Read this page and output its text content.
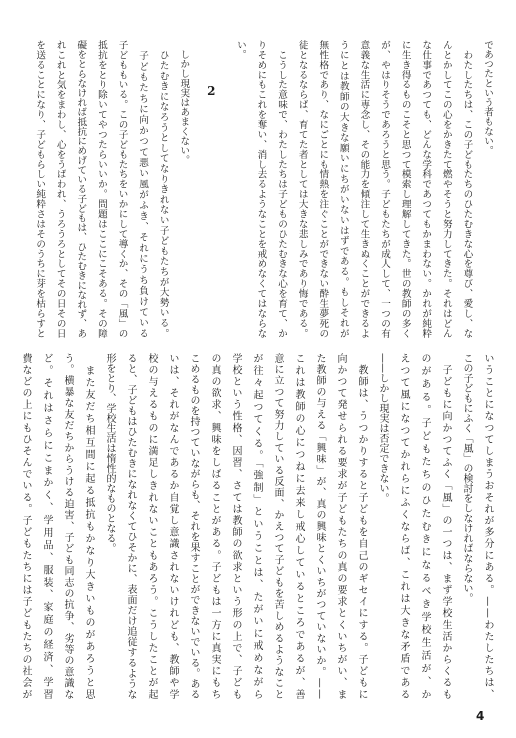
であつたという者もない。
　わたしたちは、この子どもたちのひたむきな心を尊び、愛し、な
んとかしてこの心をかきたて燃やそうと努力してきた。それはどん
な仕事であつても、どんな学科であつてもかまわない。かれが純粋
に生き得るものこそと思つて模索し理解してきた。世の教師の多く
が、やはりそうであろうと思う。子どもたちが成人して、一つの有
意義な生活に専念し、その能力を傾注して生きぬくことができるよ
うにとは教師の大きな願いにちがいないはずである。もしそれが
無性格であり、なにごとにも情熱を注ぐことができない酔生夢死の
徒となるならば、育てた者としては大きな悲しみであり悔である。
　こうした意味で、わたしたちは子どものひたむきな心を育て、か
りそめにもこれを奪い、消し去るようなことを戒めなくてはならな
い。
2
　しかし現実はあまくない。
　ひたむきになろうとしてなりきれない子どもたちが大勢いる。
　子どもたちに向かつて悪い風がふき、それにうち負けている
子どももいる。この子どもたちをいかにして導くか、その「風」の
抵抗をとり除いてやつたらいいか。問題はここにこそある。その障
礙をとらなければ抵抗にめげている子どもは、ひたむきになれず、あ
れこれと気をまわし、心をうばわれ、うろうろとしてその日その日
を送ることになり、子どもらしい純粋さはそのうちに芽を枯らすと
いうことになつてしまうおそれが多分にある。——わたしたちは、
この子どもにふく「風」の検討をしなければならない。
　子どもに向かつてふく「風」の一つは、まず学校生活からくるも
のがある。子どもたちのひたむきになるべき学校生活が、か
えつて風になつてかれらにふくならば、これは大きな矛盾である
——しかし現実は否定できない。
　教師は、うつかりすると子どもを自己のギセイにする。子どもに
向かつて発せられる要求が子どもたちの真の要求とくいちがい、ま
た教師の与える「興味」が、真の興味とくいちがつていないか。——
これは教師の心につねに去来し戒心しているところであるが、善
意に立つて努力している反面、かえつて子どもを苦しめるようなこと
が往々起つてくる。「強制」ということは、たがいに戒めながら
学校という性格、因習、さては教師の欲求という形の上で、子ども
の真の欲求、興味をしばることがある。子どもは一方に真実にもち
こめるものを持つていながらも、それを果すことができないでいる。ある
いは、それがなんであるか自覚し意識されないけれども、教師や学
校の与えるものに満足しきれないこともあろう。こうしたことが起
ると、子どもはひたむきになれなくてひそかに、表面だけ追従するような
形をとり、学校生活は惰性的なものとなる。
　また友だち相互間に起る抵抗もかなり大きいものがあろうと思
う。横暴な友だちからうける迫害、子ども同志の抗争、劣等の意識な
ど。それはさらにこまかく、学用品、服装、家庭の経済、学習
費などの上にもひそんでいる。子どもたちには子どもたちの社会が
4
